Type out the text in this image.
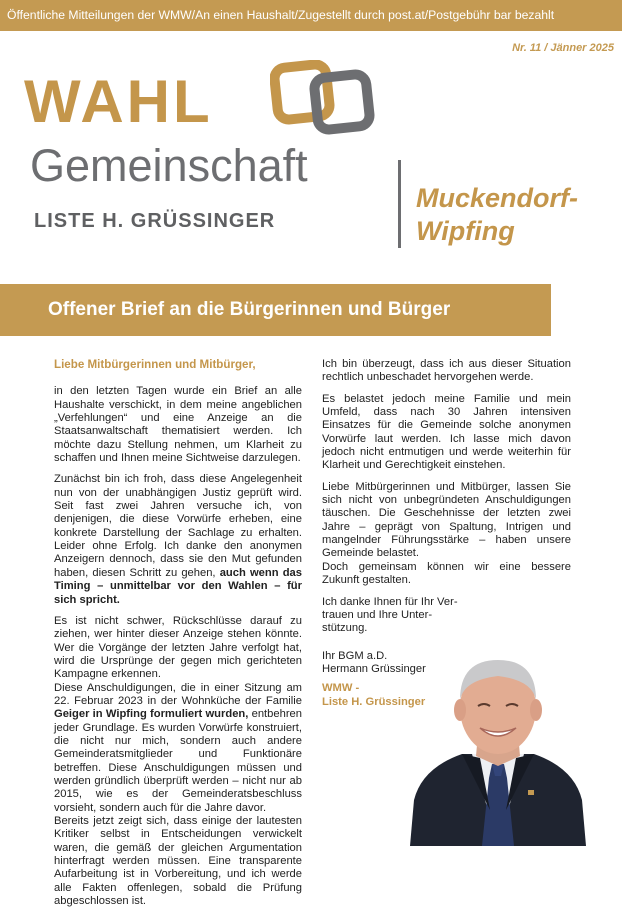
Öffentliche Mitteilungen der WMW/An einen Haushalt/Zugestellt durch post.at/Postgebühr bar bezahlt
Nr. 11 / Jänner 2025
WAHL
Gemeinschaft
LISTE H. GRÜSSINGER
Muckendorf-
Wipfing
Offener Brief an die Bürgerinnen und Bürger

Liebe Mitbürgerinnen und Mitbürger,

in den letzten Tagen wurde ein Brief an alle Haushalte verschickt, in dem meine angeblichen „Verfehlungen“ und eine Anzeige an die Staatsanwaltschaft thematisiert werden. Ich möchte dazu Stellung nehmen, um Klarheit zu schaffen und Ihnen meine Sichtweise darzulegen.

Zunächst bin ich froh, dass diese Angelegenheit nun von der unabhängigen Justiz geprüft wird. Seit fast zwei Jahren versuche ich, von denjenigen, die diese Vorwürfe erheben, eine konkrete Darstellung der Sachlage zu erhalten. Leider ohne Erfolg. Ich danke den anonymen Anzeigern dennoch, dass sie den Mut gefunden haben, diesen Schritt zu gehen, auch wenn das Timing – unmittelbar vor den Wahlen – für sich spricht.

Es ist nicht schwer, Rückschlüsse darauf zu ziehen, wer hinter dieser Anzeige stehen könnte. Wer die Vorgänge der letzten Jahre verfolgt hat, wird die Ursprünge der gegen mich gerichteten Kampagne erkennen.

Diese Anschuldigungen, die in einer Sitzung am 22. Februar 2023 in der Wohnküche der Familie Geiger in Wipfing formuliert wurden, entbehren jeder Grundlage. Es wurden Vorwürfe konstruiert, die nicht nur mich, sondern auch andere Gemeinderatsmitglieder und Funktionäre betreffen. Diese Anschuldigungen müssen und werden gründlich überprüft werden – nicht nur ab 2015, wie es der Gemeinderatsbeschluss vorsieht, sondern auch für die Jahre davor.

Bereits jetzt zeigt sich, dass einige der lautesten Kritiker selbst in Entscheidungen verwickelt waren, die gemäß der gleichen Argumentation hinterfragt werden müssen. Eine transparente Aufarbeitung ist in Vorbereitung, und ich werde alle Fakten offenlegen, sobald die Prüfung abgeschlossen ist.

Ich bin überzeugt, dass ich aus dieser Situation rechtlich unbeschadet hervorgehen werde.

Es belastet jedoch meine Familie und mein Umfeld, dass nach 30 Jahren intensiven Einsatzes für die Gemeinde solche anonymen Vorwürfe laut werden. Ich lasse mich davon jedoch nicht entmutigen und werde weiterhin für Klarheit und Gerechtigkeit einstehen.

Liebe Mitbürgerinnen und Mitbürger, lassen Sie sich nicht von unbegründeten Anschuldigungen täuschen. Die Geschehnisse der letzten zwei Jahre – geprägt von Spaltung, Intrigen und mangelnder Führungsstärke – haben unsere Gemeinde belastet.

Doch gemeinsam können wir eine bessere Zukunft gestalten.

Ich danke Ihnen für Ihr Ver-
trauen und Ihre Unter-
stützung.

Ihr BGM a.D.
Hermann Grüssinger

WMW -
Liste H. Grüssinger
